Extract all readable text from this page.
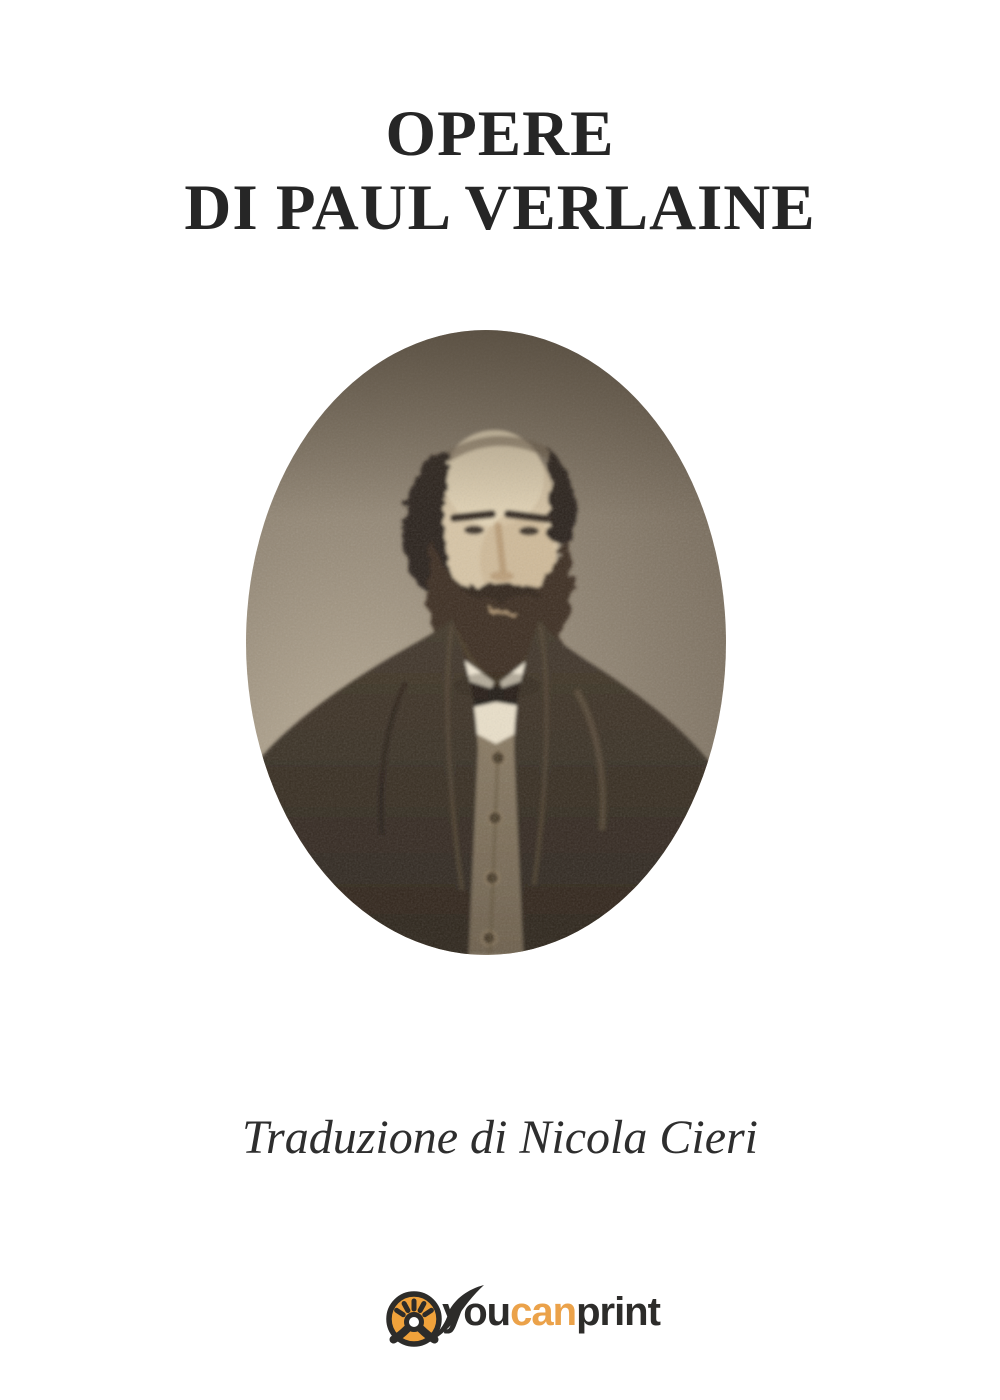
OPERE
DI PAUL VERLAINE
Traduzione di Nicola Cieri
youcanprint
